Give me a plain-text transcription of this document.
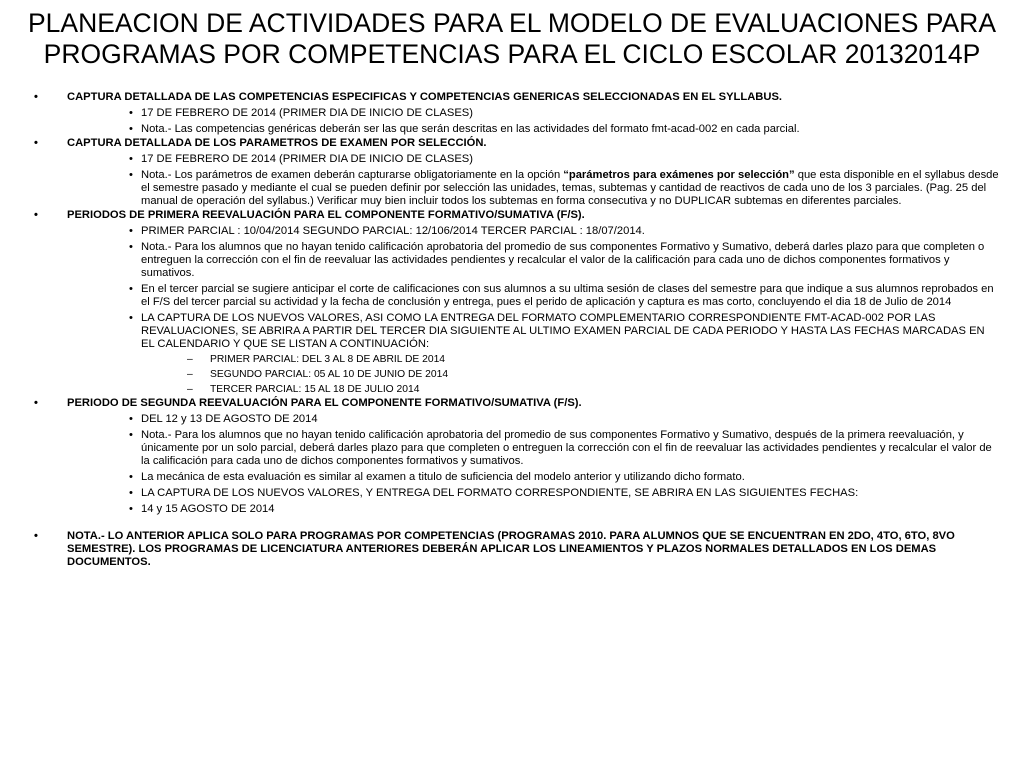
PLANEACION DE ACTIVIDADES PARA EL MODELO DE EVALUACIONES PARA
PROGRAMAS POR COMPETENCIAS PARA EL CICLO ESCOLAR 20132014P
•	CAPTURA DETALLADA DE LAS COMPETENCIAS ESPECIFICAS Y COMPETENCIAS GENERICAS SELECCIONADAS EN EL SYLLABUS.
• 17 DE FEBRERO DE 2014 (PRIMER DIA DE INICIO DE CLASES)
• Nota.- Las competencias genéricas deberán ser las que serán descritas en las actividades del formato fmt-acad-002 en cada parcial.
•	CAPTURA DETALLADA DE LOS PARAMETROS DE EXAMEN POR SELECCIÓN.
• 17 DE FEBRERO DE 2014 (PRIMER DIA DE INICIO DE CLASES)
• Nota.- Los parámetros de examen deberán capturarse obligatoriamente en la opción “parámetros para exámenes por selección” que esta disponible en el syllabus desde el semestre pasado y mediante el cual se pueden definir por selección las unidades, temas, subtemas y cantidad de reactivos de cada uno de los 3 parciales. (Pag. 25 del manual de operación del syllabus.) Verificar muy bien incluir todos los subtemas en forma consecutiva y no DUPLICAR subtemas en diferentes parciales.
•	PERIODOS DE PRIMERA REEVALUACIÓN PARA EL COMPONENTE FORMATIVO/SUMATIVA (F/S).
• PRIMER PARCIAL : 10/04/2014 SEGUNDO PARCIAL: 12/106/2014 TERCER PARCIAL : 18/07/2014.
• Nota.- Para los alumnos que no hayan tenido calificación aprobatoria del promedio de sus componentes Formativo y Sumativo, deberá darles plazo para que completen o entreguen la corrección con el fin de reevaluar las actividades pendientes y recalcular el valor de la calificación para cada uno de dichos componentes formativos y sumativos.
• En el tercer parcial se sugiere anticipar el corte de calificaciones con sus alumnos a su ultima sesión de clases del semestre para que indique a sus alumnos reprobados en el F/S del tercer parcial su actividad y la fecha de conclusión y entrega, pues el perido de aplicación y captura es mas corto, concluyendo el dia 18 de Julio de 2014
• LA CAPTURA DE LOS NUEVOS VALORES, ASI COMO LA ENTREGA DEL FORMATO COMPLEMENTARIO CORRESPONDIENTE FMT-ACAD-002 POR LAS REVALUACIONES, SE ABRIRA A PARTIR DEL TERCER DIA SIGUIENTE AL ULTIMO EXAMEN PARCIAL DE CADA PERIODO Y HASTA LAS FECHAS MARCADAS EN EL CALENDARIO Y QUE SE LISTAN A CONTINUACIÓN:
– PRIMER PARCIAL: DEL 3 AL 8 DE ABRIL DE 2014
– SEGUNDO PARCIAL: 05 AL 10 DE JUNIO DE 2014
– TERCER PARCIAL: 15 AL 18 DE JULIO 2014
•	PERIODO DE SEGUNDA REEVALUACIÓN PARA EL COMPONENTE FORMATIVO/SUMATIVA (F/S).
• DEL 12 y 13 DE AGOSTO DE 2014
• Nota.- Para los alumnos que no hayan tenido calificación aprobatoria del promedio de sus componentes Formativo y Sumativo, después de la primera reevaluación, y únicamente por un solo parcial, deberá darles plazo para que completen o entreguen la corrección con el fin de reevaluar las actividades pendientes y recalcular el valor de la calificación para cada uno de dichos componentes formativos y sumativos.
• La mecánica de esta evaluación es similar al examen a titulo de suficiencia del modelo anterior y utilizando dicho formato.
• LA CAPTURA DE LOS NUEVOS VALORES, Y ENTREGA DEL FORMATO CORRESPONDIENTE, SE ABRIRA EN LAS SIGUIENTES FECHAS:
• 14 y 15 AGOSTO DE 2014
•	NOTA.- LO ANTERIOR APLICA SOLO PARA PROGRAMAS POR COMPETENCIAS (PROGRAMAS 2010. PARA ALUMNOS QUE SE ENCUENTRAN EN 2DO, 4TO, 6TO, 8VO SEMESTRE). LOS PROGRAMAS DE LICENCIATURA ANTERIORES DEBERÁN APLICAR LOS LINEAMIENTOS Y PLAZOS NORMALES DETALLADOS EN LOS DEMAS DOCUMENTOS.
